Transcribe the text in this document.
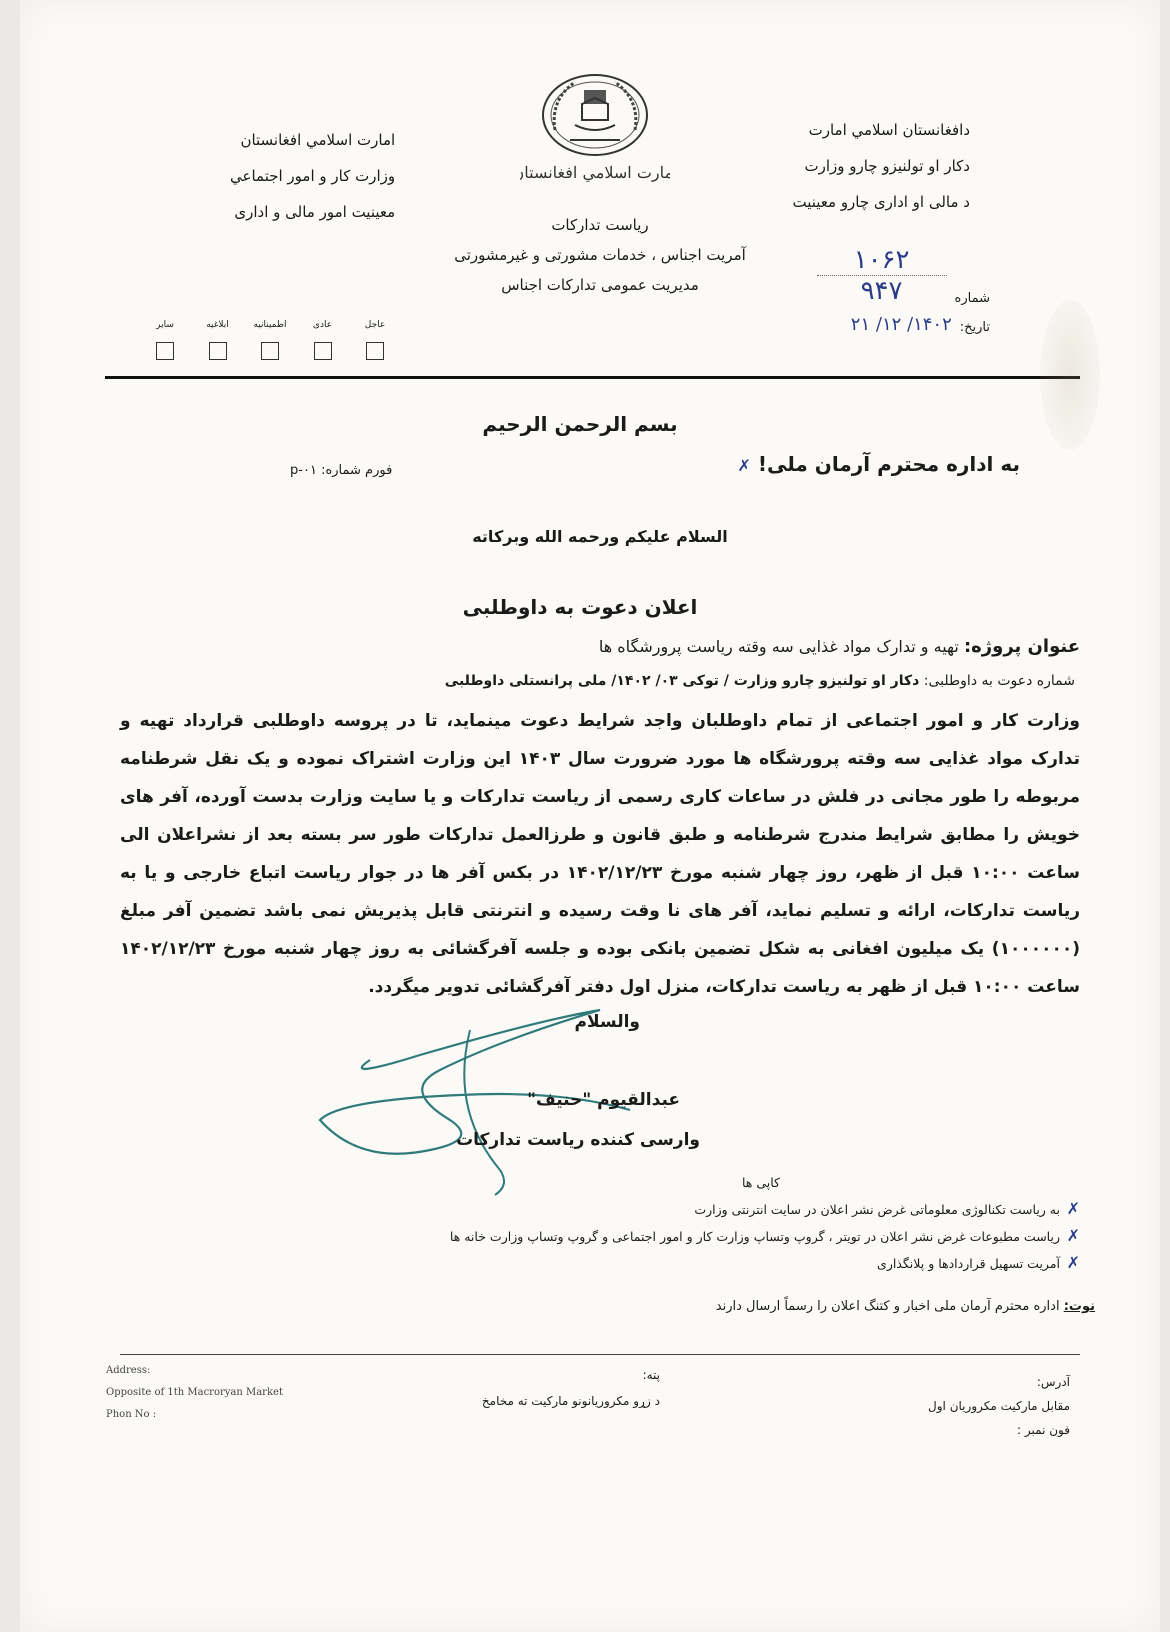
دافغانستان اسلامي امارت
دکار او تولنیزو چارو وزارت
د مالی او اداری چارو معینیت
امارت اسلامي افغانستان
وزارت کار و امور اجتماعي
معینیت امور مالی و اداری
امارت اسلامي افغانستان
ریاست تدارکات
آمریت اجناس ، خدمات مشورتی و غیرمشورتی
مدیریت عمومی تدارکات اجناس
شماره
۱۰۶۲
۹۴۷
تاریخ:
۱۴۰۲/ ۱۲/ ۲۱
سایر	ابلاغیه	اطمینانیه	عادی	عاجل
بسم الرحمن الرحيم
به اداره محترم آرمان ملی! ✗
فورم شماره: ۰۱-p
السلام علیکم ورحمه الله وبرکاته
اعلان دعوت به داوطلبی
عنوان پروژه: تهیه و تدارک مواد غذایی سه وقته ریاست پرورشگاه ها
شماره دعوت به داوطلبی: دکار او تولنیزو چارو وزارت / توکی ۰۳/ ۱۴۰۲/ ملی پرانستلی داوطلبی
وزارت کار و امور اجتماعی از تمام داوطلبان واجد شرایط دعوت مینماید، تا در پروسه داوطلبی قرارداد تهیه و تدارک مواد غذایی سه وقته پرورشگاه ها مورد ضرورت سال ۱۴۰۳ این وزارت اشتراک نموده و یک نقل شرطنامه مربوطه را طور مجانی در فلش در ساعات کاری رسمی از ریاست تدارکات و یا سایت وزارت بدست آورده، آفر های خویش را مطابق شرایط مندرج شرطنامه و طبق قانون و طرزالعمل تدارکات طور سر بسته بعد از نشراعلان الی ساعت ۱۰:۰۰ قبل از ظهر، روز چهار شنبه مورخ ۱۴۰۲/۱۲/۲۳ در بکس آفر ها در جوار ریاست اتباع خارجی و یا به ریاست تدارکات، ارائه و تسلیم نماید، آفر های نا وقت رسیده و انترنتی قابل پذیریش نمی باشد تضمین آفر مبلغ (۱۰۰۰۰۰۰) یک میلیون افغانی به شکل تضمین بانکی بوده و جلسه آفرگشائی به روز چهار شنبه مورخ ۱۴۰۲/۱۲/۲۳ ساعت ۱۰:۰۰ قبل از ظهر به ریاست تدارکات، منزل اول دفتر آفرگشائی تدویر میگردد.
والسلام
عبدالقیوم "حنیف"
وارسی کننده ریاست تدارکات
کاپی ها
✗به ریاست تکنالوژی معلوماتی غرض نشر اعلان در سایت انترنتی وزارت
✗ریاست مطبوعات غرض نشر اعلان در تویتر ، گروپ وتساپ وزارت کار و امور اجتماعی و گروپ وتساپ وزارت خانه ها
✗آمریت تسهیل قراردادها و پلانگذاری
نوت: اداره محترم آرمان ملی اخبار و کتنگ اعلان را رسماً ارسال دارند
Address:
Opposite of 1th Macroryan Market
Phon No :
پته:
د زړو مکروریانونو مارکیت ته مخامخ
آدرس:
مقابل مارکیت مکروریان اول
فون نمبر :
